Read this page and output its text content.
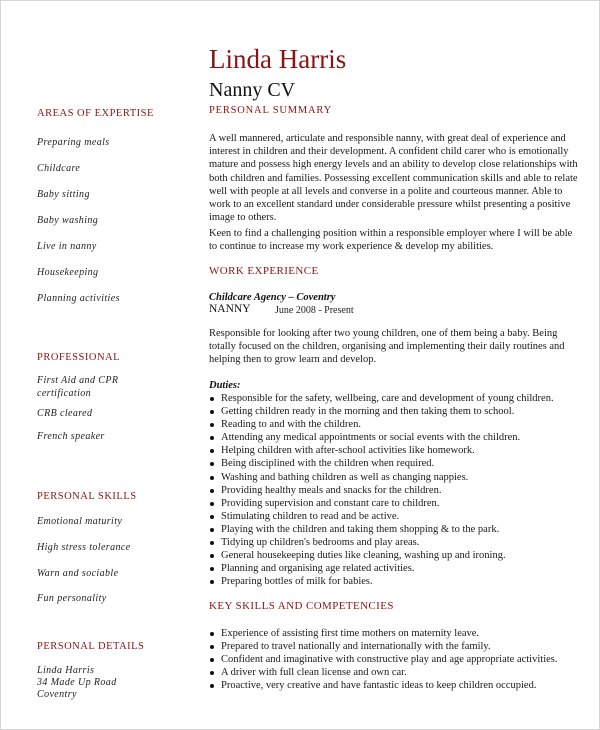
Linda Harris
Nanny CV
AREAS OF EXPERTISE
Preparing meals
Childcare
Baby sitting
Baby washing
Live in nanny
Housekeeping
Planning activities
PROFESSIONAL
First Aid and CPR certification
CRB cleared
French speaker
PERSONAL SKILLS
Emotional maturity
High stress tolerance
Warn and sociable
Fun personality
PERSONAL DETAILS
Linda Harris
34 Made Up Road
Coventry
PERSONAL SUMMARY

A well mannered, articulate and responsible nanny, with great deal of experience and interest in children and their development. A confident child carer who is emotionally mature and possess high energy levels and an ability to develop close relationships with both children and families. Possessing excellent communication skills and able to relate well with people at all levels and converse in a polite and courteous manner. Able to work to an excellent standard under considerable pressure whilst presenting a positive image to others.

Keen to find a challenging position within a responsible employer where I will be able to continue to increase my work experience & develop my abilities.

WORK EXPERIENCE
Childcare Agency – Coventry
NANNY June 2008 - Present

Responsible for looking after two young children, one of them being a baby. Being totally focused on the children, organising and implementing their daily routines and helping then to grow learn and develop.

Duties:
Responsible for the safety, wellbeing, care and development of young children.
Getting children ready in the morning and then taking them to school.
Reading to and with the children.
Attending any medical appointments or social events with the children.
Helping children with after-school activities like homework.
Being disciplined with the children when required.
Washing and bathing children as well as changing nappies.
Providing healthy meals and snacks for the children.
Providing supervision and constant care to children.
Stimulating children to read and be active.
Playing with the children and taking them shopping & to the park.
Tidying up children's bedrooms and play areas.
General housekeeping duties like cleaning, washing up and ironing.
Planning and organising age related activities.
Preparing bottles of milk for babies.
KEY SKILLS AND COMPETENCIES
Experience of assisting first time mothers on maternity leave.
Prepared to travel nationally and internationally with the family.
Confident and imaginative with constructive play and age appropriate activities.
A driver with full clean license and own car.
Proactive, very creative and have fantastic ideas to keep children occupied.
